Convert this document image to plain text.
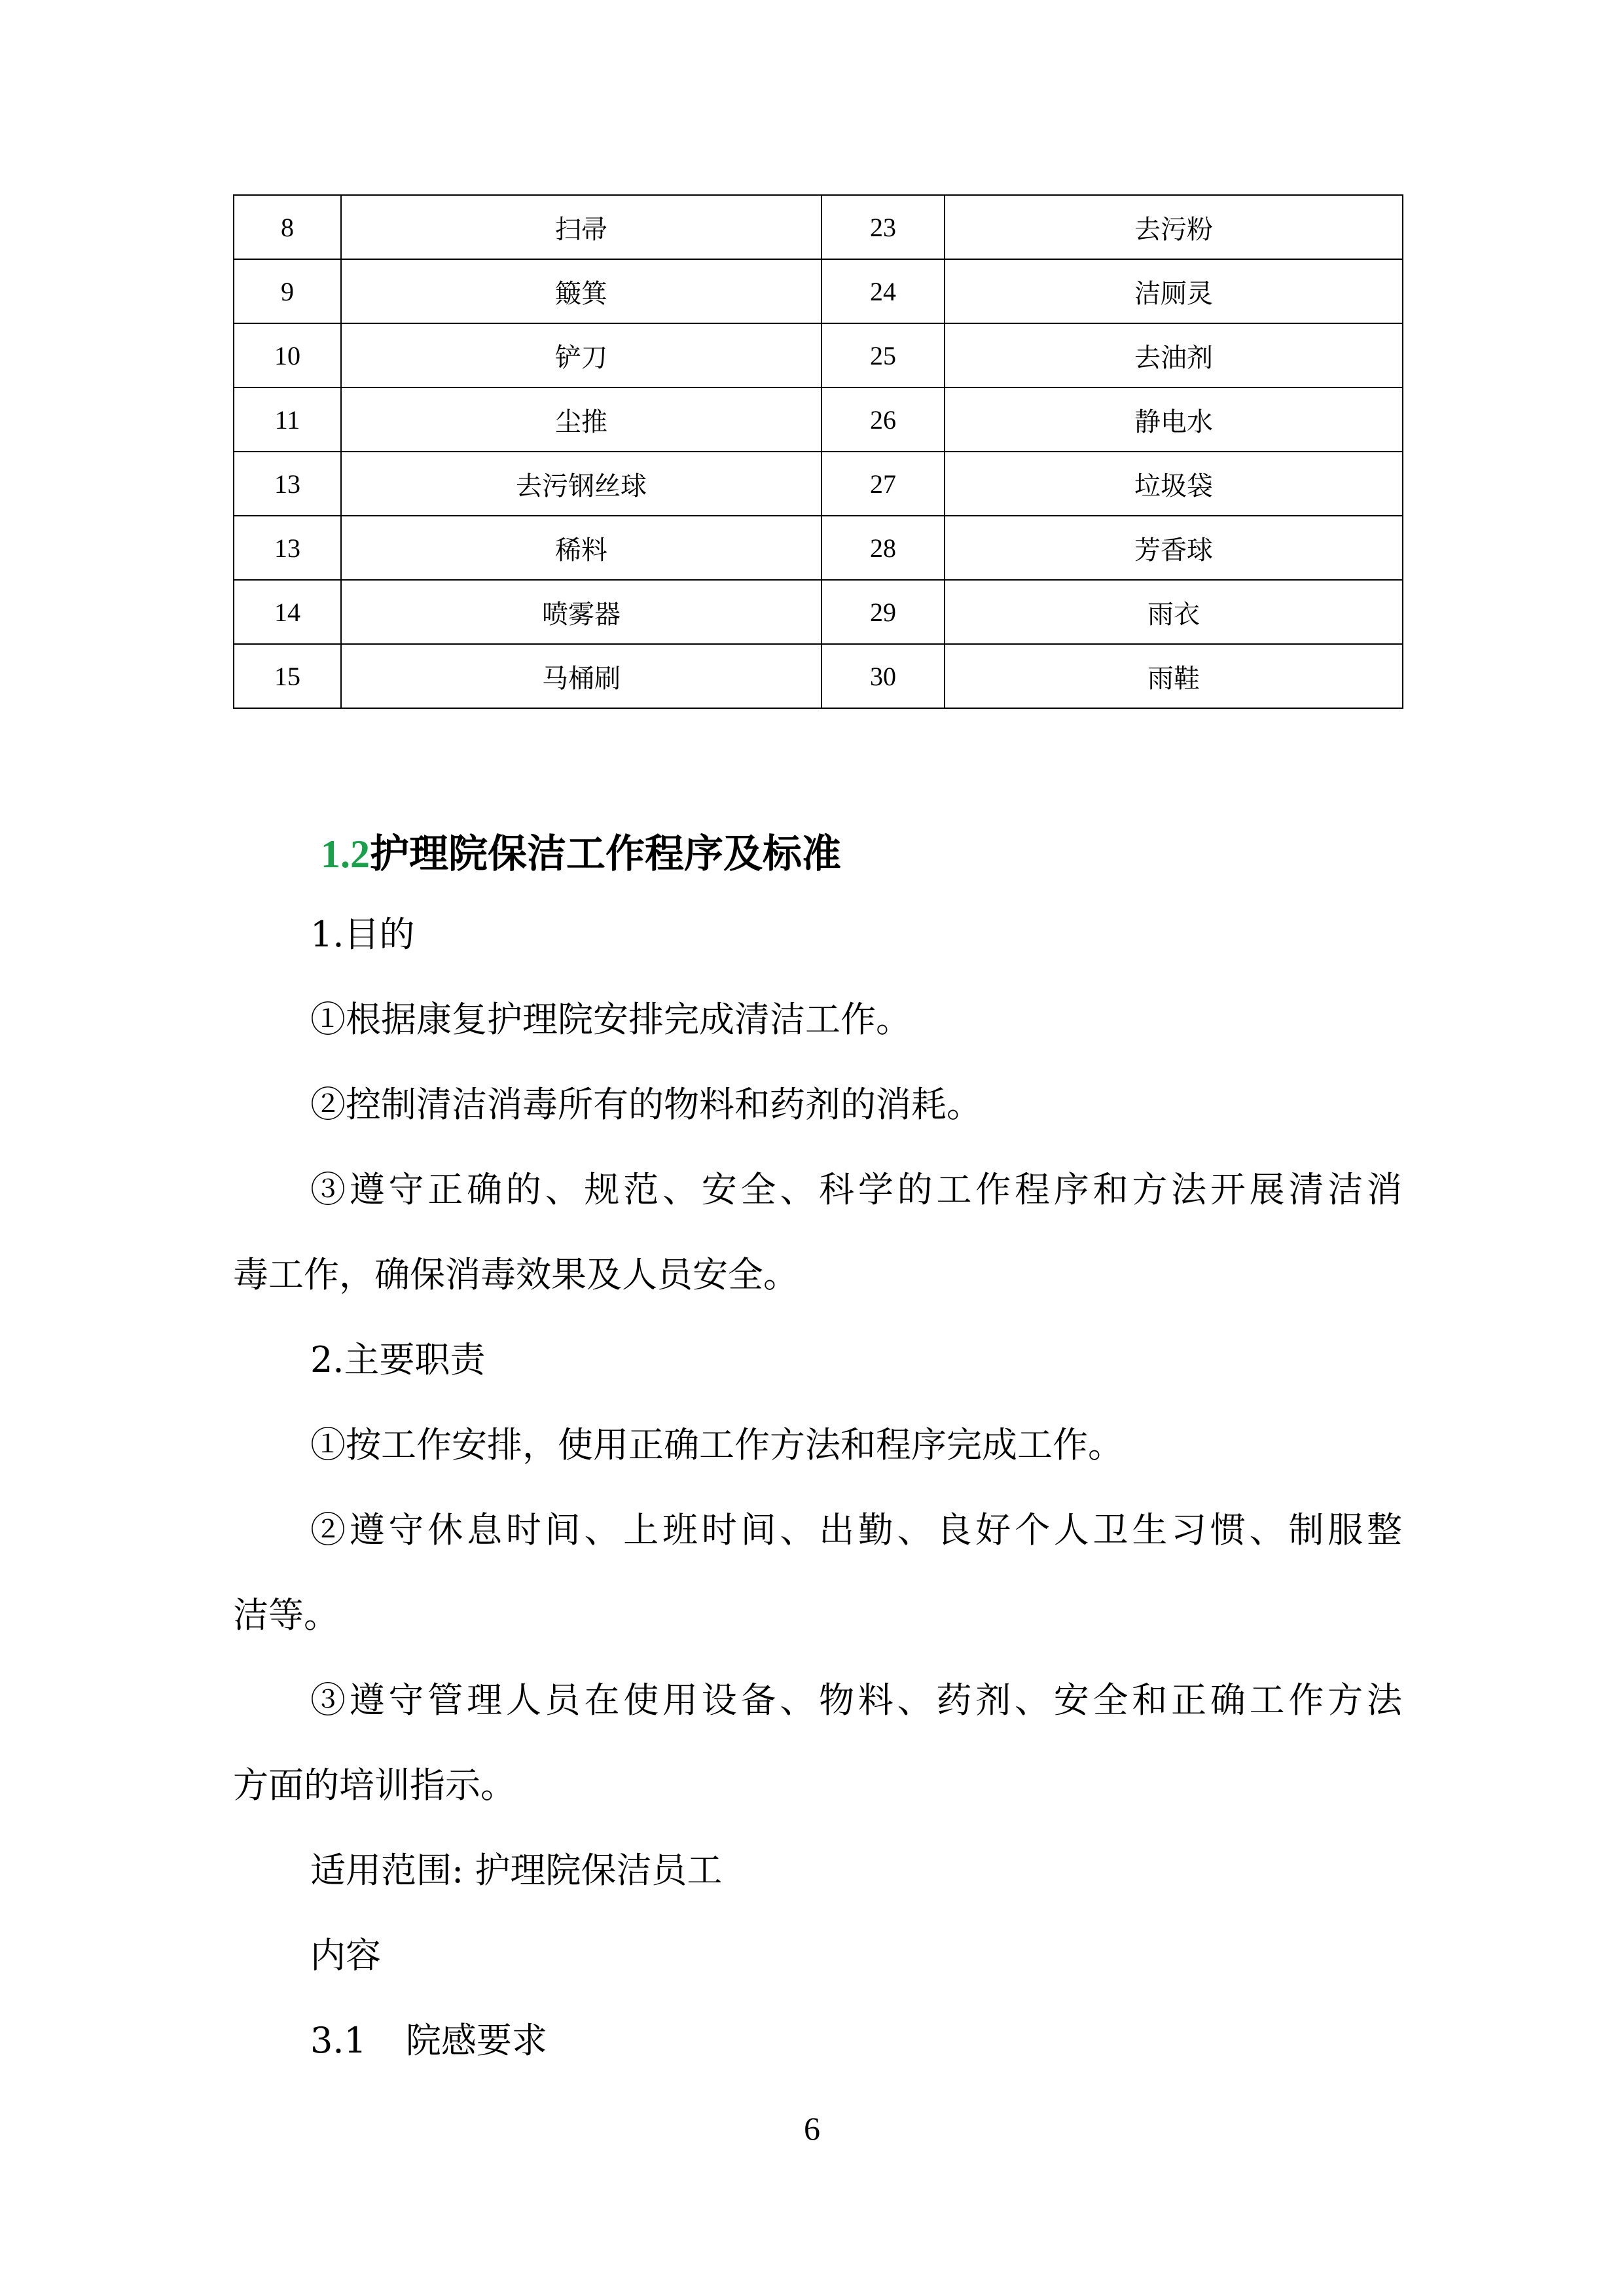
8	扫帚	23	去污粉
9	簸箕	24	洁厕灵
10	铲刀	25	去油剂
11	尘推	26	静电水
13	去污钢丝球	27	垃圾袋
13	稀料	28	芳香球
14	喷雾器	29	雨衣
15	马桶刷	30	雨鞋
1.2护理院保洁工作程序及标准
1.目的
①根据康复护理院安排完成清洁工作。
②控制清洁消毒所有的物料和药剂的消耗。
③遵守正确的、规范、安全、科学的工作程序和方法开展清洁消
毒工作，确保消毒效果及人员安全。
2.主要职责
①按工作安排，使用正确工作方法和程序完成工作。
②遵守休息时间、上班时间、出勤、良好个人卫生习惯、制服整
洁等。
③遵守管理人员在使用设备、物料、药剂、安全和正确工作方法
方面的培训指示。
适用范围: 护理院保洁员工
内容
3.1 院感要求
6
